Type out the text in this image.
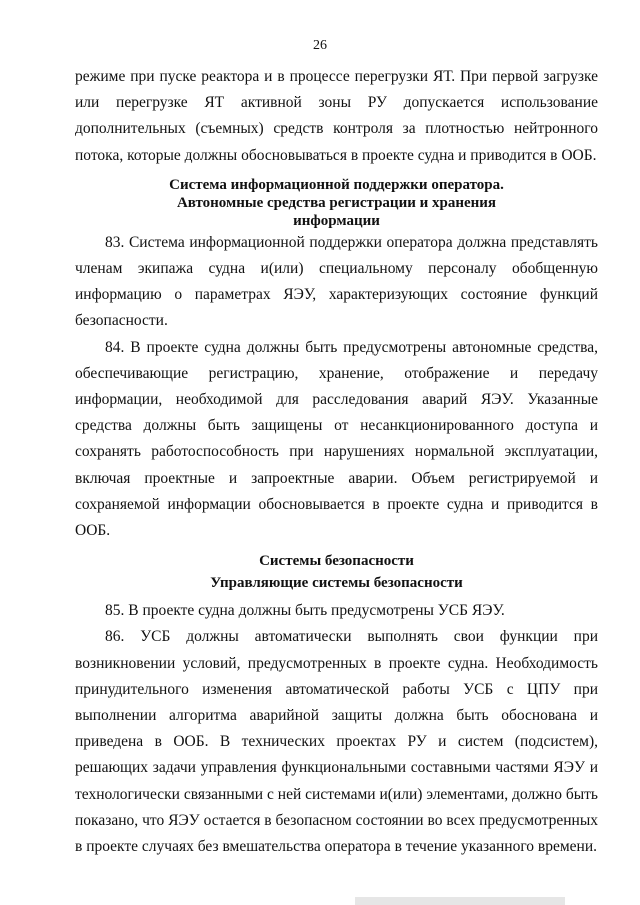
26

режиме при пуске реактора и в процессе перегрузки ЯТ. При первой загрузке или перегрузке ЯТ активной зоны РУ допускается использование дополнительных (съемных) средств контроля за плотностью нейтронного потока, которые должны обосновываться в проекте судна и приводится в ООБ.

Система информационной поддержки оператора. Автономные средства регистрации и хранения информации

83. Система информационной поддержки оператора должна представлять членам экипажа судна и(или) специальному персоналу обобщенную информацию о параметрах ЯЭУ, характеризующих состояние функций безопасности.

84. В проекте судна должны быть предусмотрены автономные средства, обеспечивающие регистрацию, хранение, отображение и передачу информации, необходимой для расследования аварий ЯЭУ. Указанные средства должны быть защищены от несанкционированного доступа и сохранять работоспособность при нарушениях нормальной эксплуатации, включая проектные и запроектные аварии. Объем регистрируемой и сохраняемой информации обосновывается в проекте судна и приводится в ООБ.

Системы безопасности

Управляющие системы безопасности

85. В проекте судна должны быть предусмотрены УСБ ЯЭУ.

86. УСБ должны автоматически выполнять свои функции при возникновении условий, предусмотренных в проекте судна. Необходимость принудительного изменения автоматической работы УСБ с ЦПУ при выполнении алгоритма аварийной защиты должна быть обоснована и приведена в ООБ. В технических проектах РУ и систем (подсистем), решающих задачи управления функциональными составными частями ЯЭУ и технологически связанными с ней системами и(или) элементами, должно быть показано, что ЯЭУ остается в безопасном состоянии во всех предусмотренных в проекте случаях без вмешательства оператора в течение указанного времени.
